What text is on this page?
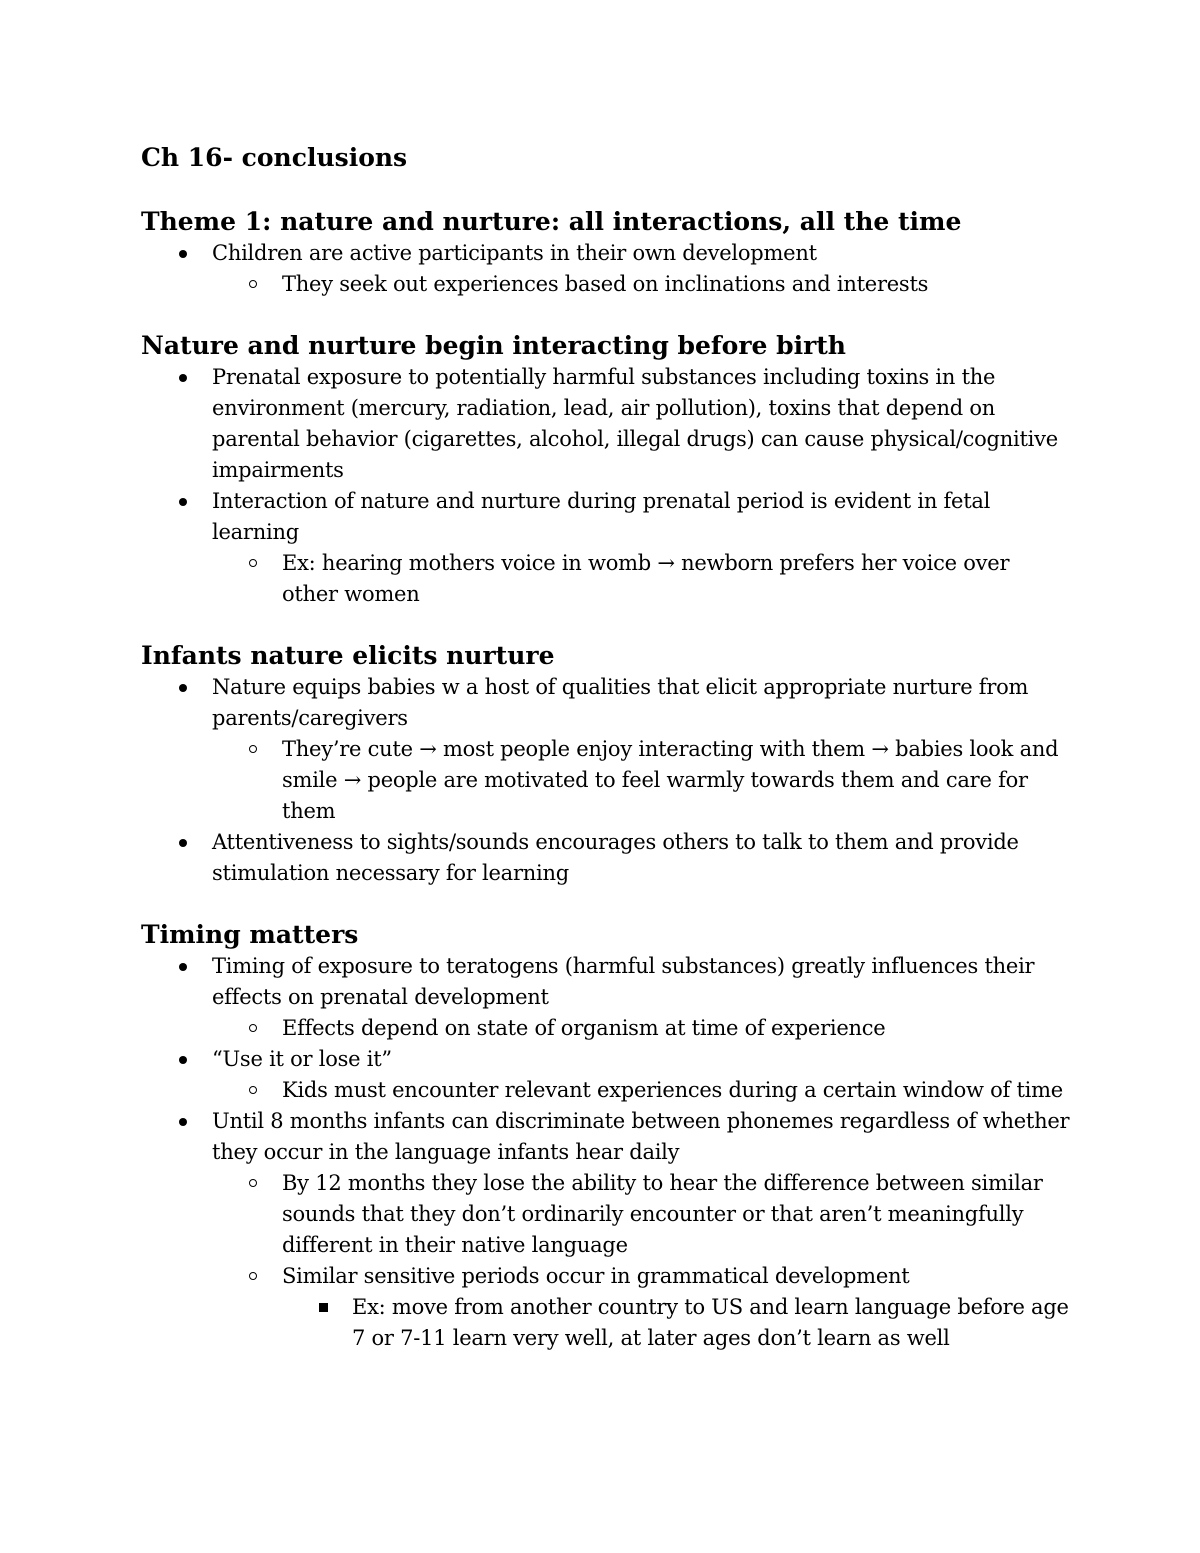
Ch 16- conclusions
Theme 1: nature and nurture: all interactions, all the time
Children are active participants in their own development
They seek out experiences based on inclinations and interests
Nature and nurture begin interacting before birth
Prenatal exposure to potentially harmful substances including toxins in the environment (mercury, radiation, lead, air pollution), toxins that depend on parental behavior (cigarettes, alcohol, illegal drugs) can cause physical/cognitive impairments
Interaction of nature and nurture during prenatal period is evident in fetal learning
Ex: hearing mothers voice in womb → newborn prefers her voice over other women
Infants nature elicits nurture
Nature equips babies w a host of qualities that elicit appropriate nurture from parents/caregivers
They’re cute → most people enjoy interacting with them → babies look and smile → people are motivated to feel warmly towards them and care for them
Attentiveness to sights/sounds encourages others to talk to them and provide stimulation necessary for learning
Timing matters
Timing of exposure to teratogens (harmful substances) greatly influences their effects on prenatal development
Effects depend on state of organism at time of experience
“Use it or lose it”
Kids must encounter relevant experiences during a certain window of time
Until 8 months infants can discriminate between phonemes regardless of whether they occur in the language infants hear daily
By 12 months they lose the ability to hear the difference between similar sounds that they don’t ordinarily encounter or that aren’t meaningfully different in their native language
Similar sensitive periods occur in grammatical development
Ex: move from another country to US and learn language before age 7 or 7-11 learn very well, at later ages don’t learn as well
